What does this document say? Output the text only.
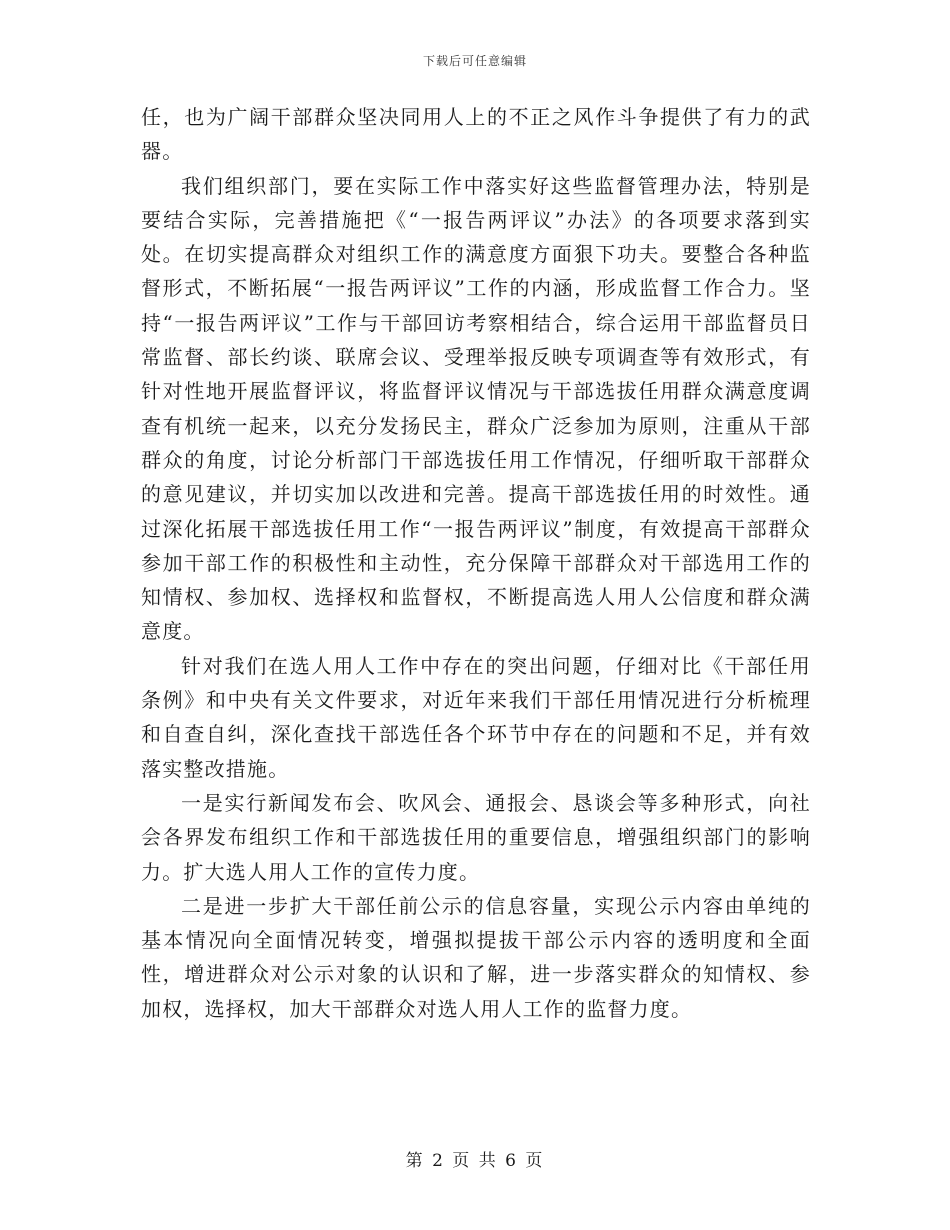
下载后可任意编辑

任，也为广阔干部群众坚决同用人上的不正之风作斗争提供了有力的武器。

我们组织部门，要在实际工作中落实好这些监督管理办法，特别是要结合实际，完善措施把《“一报告两评议”办法》的各项要求落到实处。在切实提高群众对组织工作的满意度方面狠下功夫。要整合各种监督形式，不断拓展“一报告两评议”工作的内涵，形成监督工作合力。坚持“一报告两评议”工作与干部回访考察相结合，综合运用干部监督员日常监督、部长约谈、联席会议、受理举报反映专项调查等有效形式，有针对性地开展监督评议，将监督评议情况与干部选拔任用群众满意度调查有机统一起来，以充分发扬民主，群众广泛参加为原则，注重从干部群众的角度，讨论分析部门干部选拔任用工作情况，仔细听取干部群众的意见建议，并切实加以改进和完善。提高干部选拔任用的时效性。通过深化拓展干部选拔任用工作“一报告两评议”制度，有效提高干部群众参加干部工作的积极性和主动性，充分保障干部群众对干部选用工作的知情权、参加权、选择权和监督权，不断提高选人用人公信度和群众满意度。

针对我们在选人用人工作中存在的突出问题，仔细对比《干部任用条例》和中央有关文件要求，对近年来我们干部任用情况进行分析梳理和自查自纠，深化查找干部选任各个环节中存在的问题和不足，并有效落实整改措施。

一是实行新闻发布会、吹风会、通报会、恳谈会等多种形式，向社会各界发布组织工作和干部选拔任用的重要信息，增强组织部门的影响力。扩大选人用人工作的宣传力度。

二是进一步扩大干部任前公示的信息容量，实现公示内容由单纯的基本情况向全面情况转变，增强拟提拔干部公示内容的透明度和全面性，增进群众对公示对象的认识和了解，进一步落实群众的知情权、参加权，选择权，加大干部群众对选人用人工作的监督力度。

第 2 页 共 6 页
